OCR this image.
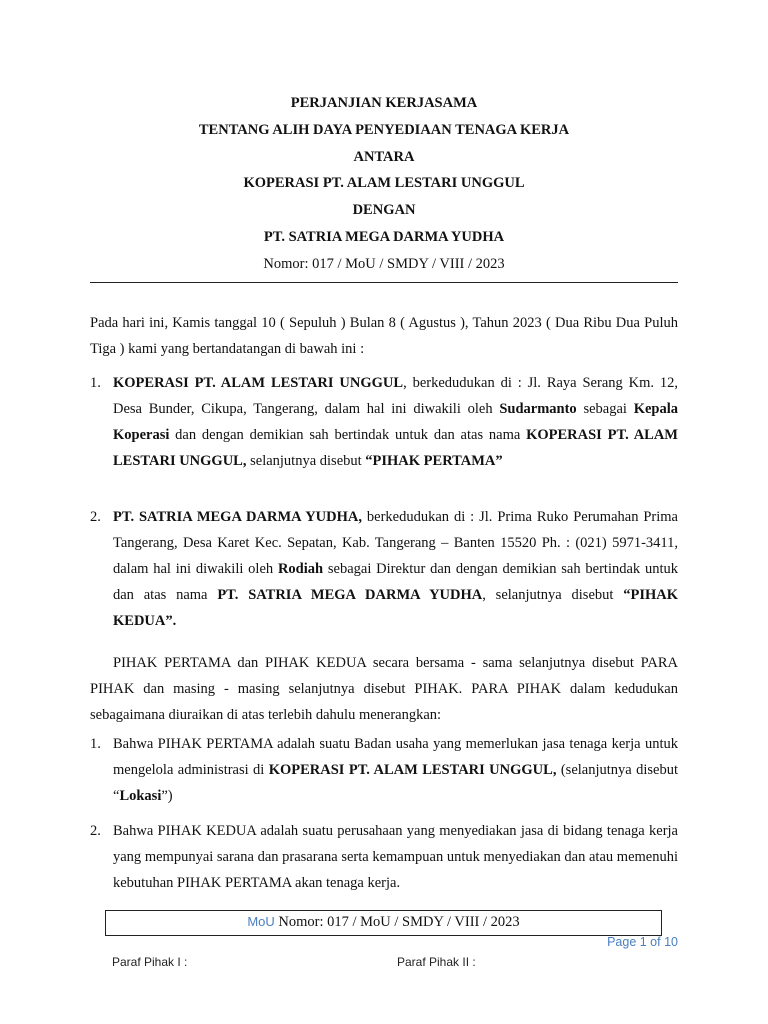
PERJANJIAN KERJASAMA
TENTANG ALIH DAYA PENYEDIAAN TENAGA KERJA
ANTARA
KOPERASI PT. ALAM LESTARI UNGGUL
DENGAN
PT. SATRIA MEGA DARMA YUDHA
Nomor: 017 / MoU / SMDY / VIII / 2023

Pada hari ini, Kamis tanggal 10 ( Sepuluh ) Bulan 8 ( Agustus ), Tahun 2023 ( Dua Ribu Dua Puluh Tiga ) kami yang bertandatangan di bawah ini :

1. KOPERASI PT. ALAM LESTARI UNGGUL, berkedudukan di : Jl. Raya Serang Km. 12, Desa Bunder, Cikupa, Tangerang, dalam hal ini diwakili oleh Sudarmanto sebagai Kepala Koperasi dan dengan demikian sah bertindak untuk dan atas nama KOPERASI PT. ALAM LESTARI UNGGUL, selanjutnya disebut “PIHAK PERTAMA”
2. PT. SATRIA MEGA DARMA YUDHA, berkedudukan di : Jl. Prima Ruko Perumahan Prima Tangerang, Desa Karet Kec. Sepatan, Kab. Tangerang – Banten 15520 Ph. : (021) 5971-3411, dalam hal ini diwakili oleh Rodiah sebagai Direktur dan dengan demikian sah bertindak untuk dan atas nama PT. SATRIA MEGA DARMA YUDHA, selanjutnya disebut “PIHAK KEDUA”.

PIHAK PERTAMA dan PIHAK KEDUA secara bersama - sama selanjutnya disebut PARA PIHAK dan masing - masing selanjutnya disebut PIHAK. PARA PIHAK dalam kedudukan sebagaimana diuraikan di atas terlebih dahulu menerangkan:

1. Bahwa PIHAK PERTAMA adalah suatu Badan usaha yang memerlukan jasa tenaga kerja untuk mengelola administrasi di KOPERASI PT. ALAM LESTARI UNGGUL, (selanjutnya disebut “Lokasi”)
2. Bahwa PIHAK KEDUA adalah suatu perusahaan yang menyediakan jasa di bidang tenaga kerja yang mempunyai sarana dan prasarana serta kemampuan untuk menyediakan dan atau memenuhi kebutuhan PIHAK PERTAMA akan tenaga kerja.
MoU Nomor: 017 / MoU / SMDY / VIII / 2023
Page 1 of 10
Paraf Pihak I :	Paraf Pihak II :
